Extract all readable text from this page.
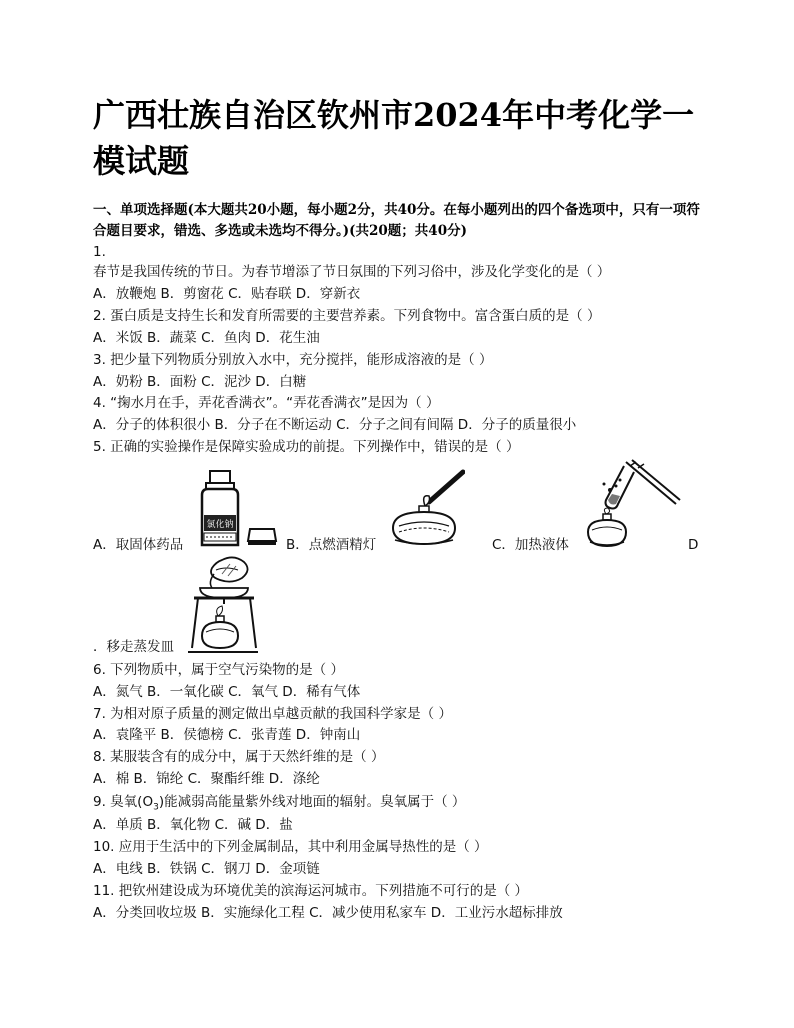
广西壮族自治区钦州市2024年中考化学一模试题
一、单项选择题(本大题共20小题，每小题2分，共40分。在每小题列出的四个备选项中，只有一项符合题目要求，错选、多选或未选均不得分。)(共20题；共40分)
1.
春节是我国传统的节日。为春节增添了节日氛围的下列习俗中，涉及化学变化的是（ ）
A．放鞭炮 B．剪窗花 C．贴春联 D．穿新衣
2. 蛋白质是支持生长和发育所需要的主要营养素。下列食物中。富含蛋白质的是（ ）
A．米饭 B．蔬菜 C．鱼肉 D．花生油
3. 把少量下列物质分别放入水中，充分搅拌，能形成溶液的是（ ）
A．奶粉 B．面粉 C．泥沙 D．白糖
4. “掬水月在手，弄花香满衣”。“弄花香满衣”是因为（ ）
A．分子的体积很小 B．分子在不断运动 C．分子之间有间隔 D．分子的质量很小
5. 正确的实验操作是保障实验成功的前提。下列操作中，错误的是（ ）
氯化钠
A．取固体药品	B．点燃酒精灯	C．加热液体	D
．移走蒸发皿
6. 下列物质中，属于空气污染物的是（ ）
A．氮气 B．一氧化碳 C．氧气 D．稀有气体
7. 为相对原子质量的测定做出卓越贡献的我国科学家是（ ）
A．袁隆平 B．侯德榜 C．张青莲 D．钟南山
8. 某服装含有的成分中，属于天然纤维的是（ ）
A．棉 B．锦纶 C．聚酯纤维 D．涤纶
9. 臭氧$(O_3)$能减弱高能量紫外线对地面的辐射。臭氧属于（ ）
A．单质 B．氧化物 C．碱 D．盐
10. 应用于生活中的下列金属制品，其中利用金属导热性的是（ ）
A．电线 B．铁锅 C．钢刀 D．金项链
11. 把钦州建设成为环境优美的滨海运河城市。下列措施不可行的是（ ）
A．分类回收垃圾 B．实施绿化工程 C．减少使用私家车 D．工业污水超标排放
